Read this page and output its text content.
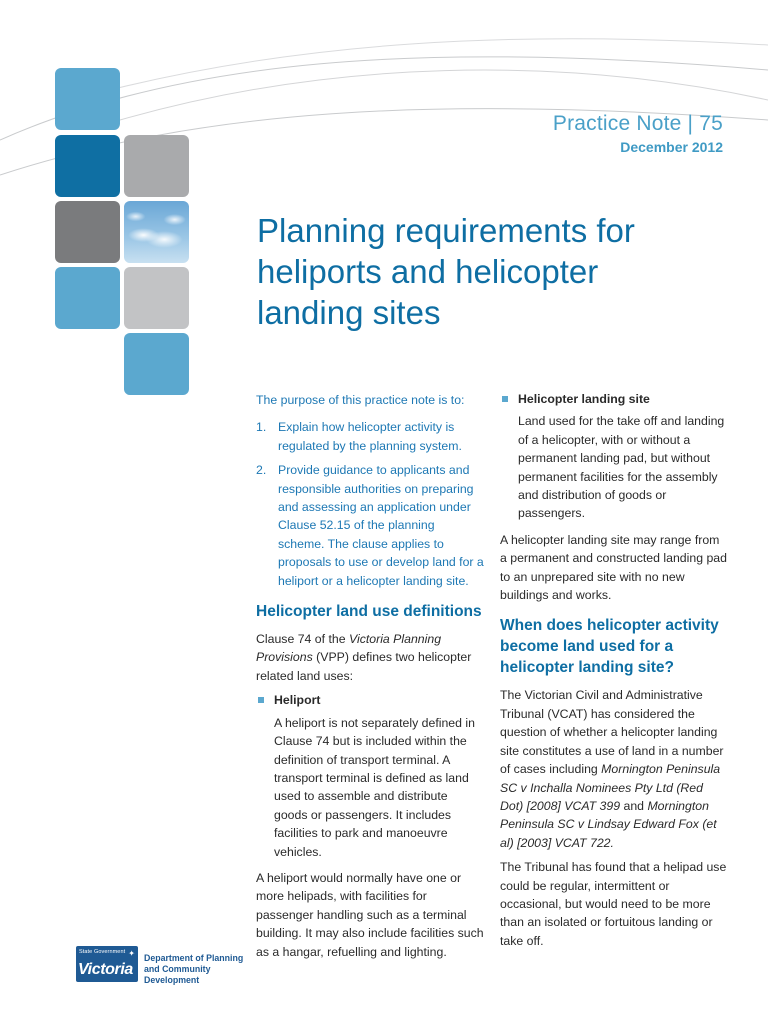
Practice Note | 75
December 2012
Planning requirements for heliports and helicopter landing sites

The purpose of this practice note is to:

1. Explain how helicopter activity is regulated by the planning system.
2. Provide guidance to applicants and responsible authorities on preparing and assessing an application under Clause 52.15 of the planning scheme. The clause applies to proposals to use or develop land for a heliport or a helicopter landing site.
Helicopter land use definitions

Clause 74 of the Victoria Planning Provisions (VPP) defines two helicopter related land uses:

Heliport
A heliport is not separately defined in Clause 74 but is included within the definition of transport terminal. A transport terminal is defined as land used to assemble and distribute goods or passengers. It includes facilities to park and manoeuvre vehicles.

A heliport would normally have one or more helipads, with facilities for passenger handling such as a terminal building. It may also include facilities such as a hangar, refuelling and lighting.

Helicopter landing site
Land used for the take off and landing of a helicopter, with or without a permanent landing pad, but without permanent facilities for the assembly and distribution of goods or passengers.

A helicopter landing site may range from a permanent and constructed landing pad to an unprepared site with no new buildings and works.

When does helicopter activity become land used for a helicopter landing site?

The Victorian Civil and Administrative Tribunal (VCAT) has considered the question of whether a helicopter landing site constitutes a use of land in a number of cases including Mornington Peninsula SC v Inchalla Nominees Pty Ltd (Red Dot) [2008] VCAT 399 and Mornington Peninsula SC v Lindsay Edward Fox (et al) [2003] VCAT 722.

The Tribunal has found that a helipad use could be regular, intermittent or occasional, but would need to be more than an isolated or fortuitous landing or take off.

State Government ✦
Victoria
Department of Planning
and Community Development
